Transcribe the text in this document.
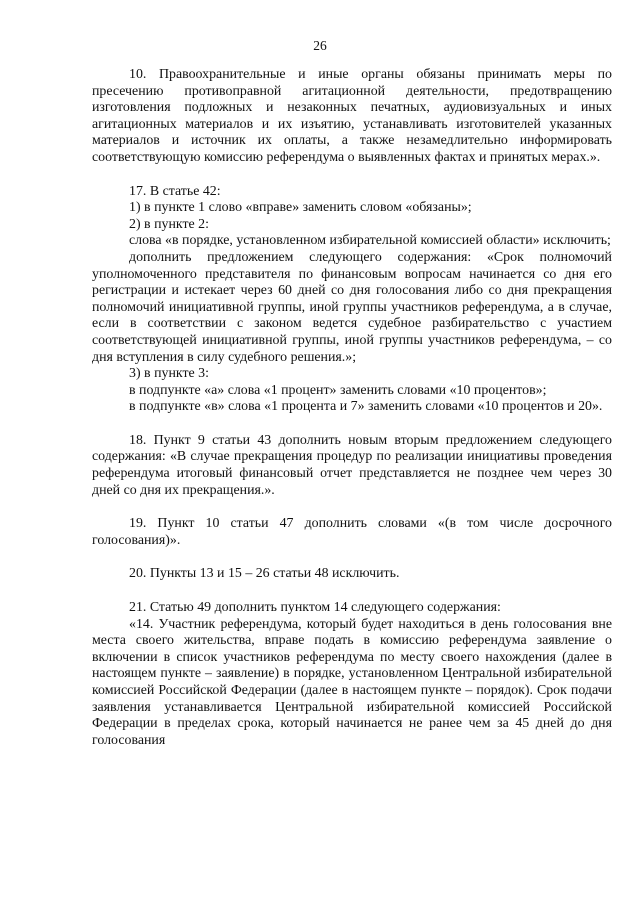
26

10. Правоохранительные и иные органы обязаны принимать меры по пресечению противоправной агитационной деятельности, предотвращению изготовления подложных и незаконных печатных, аудиовизуальных и иных агитационных материалов и их изъятию, устанавливать изготовителей указанных материалов и источник их оплаты, а также незамедлительно информировать соответствующую комиссию референдума о выявленных фактах и принятых мерах.».

17. В статье 42:

1) в пункте 1 слово «вправе» заменить словом «обязаны»;

2) в пункте 2:

слова «в порядке, установленном избирательной комиссией области» исключить;

дополнить предложением следующего содержания: «Срок полномочий уполномоченного представителя по финансовым вопросам начинается со дня его регистрации и истекает через 60 дней со дня голосования либо со дня прекращения полномочий инициативной группы, иной группы участников референдума, а в случае, если в соответствии с законом ведется судебное разбирательство с участием соответствующей инициативной группы, иной группы участников референдума, – со дня вступления в силу судебного решения.»;

3) в пункте 3:

в подпункте «а» слова «1 процент» заменить словами «10 процентов»;

в подпункте «в» слова «1 процента и 7» заменить словами «10 процентов и 20».

18. Пункт 9 статьи 43 дополнить новым вторым предложением следующего содержания: «В случае прекращения процедур по реализации инициативы проведения референдума итоговый финансовый отчет представляется не позднее чем через 30 дней со дня их прекращения.».

19. Пункт 10 статьи 47 дополнить словами «(в том числе досрочного голосования)».

20. Пункты 13 и 15 – 26 статьи 48 исключить.

21. Статью 49 дополнить пунктом 14 следующего содержания:

«14. Участник референдума, который будет находиться в день голосования вне места своего жительства, вправе подать в комиссию референдума заявление о включении в список участников референдума по месту своего нахождения (далее в настоящем пункте – заявление) в порядке, установленном Центральной избирательной комиссией Российской Федерации (далее в настоящем пункте – порядок). Срок подачи заявления устанавливается Центральной избирательной комиссией Российской Федерации в пределах срока, который начинается не ранее чем за 45 дней до дня голосования
